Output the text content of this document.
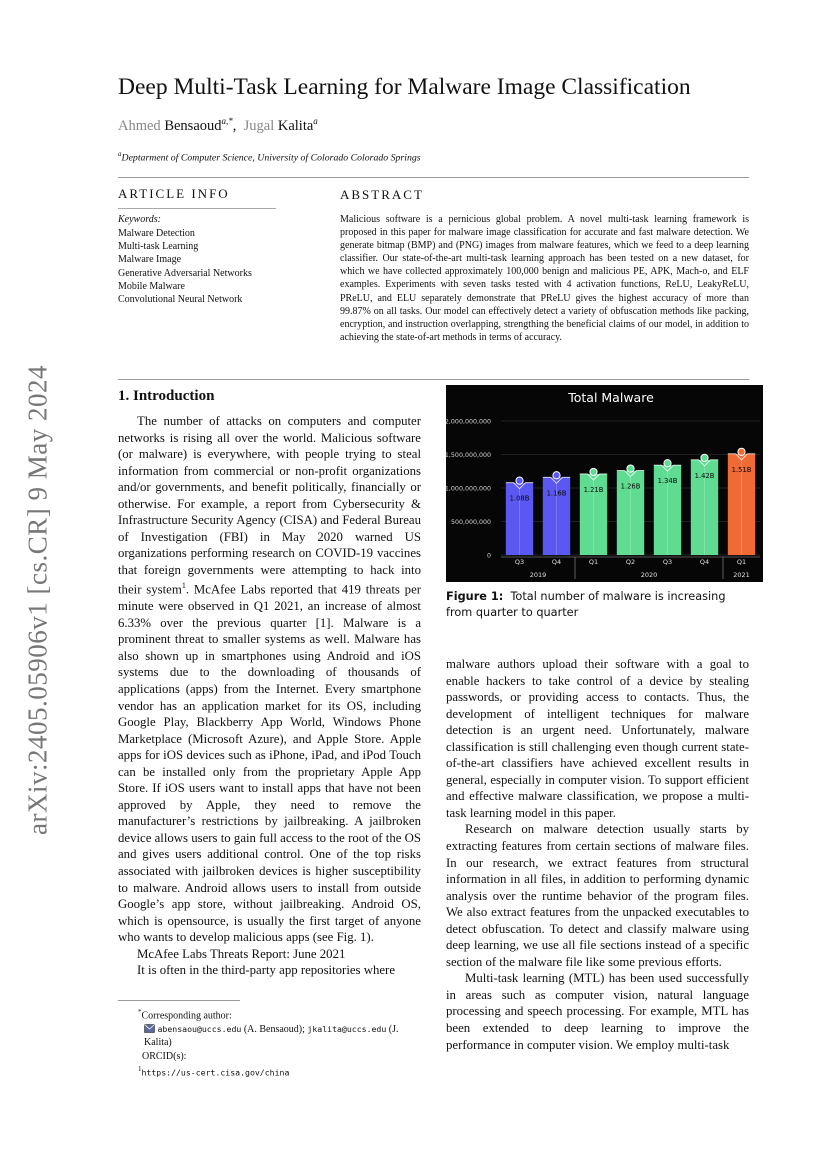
arXiv:2405.05906v1 [cs.CR] 9 May 2024
Deep Multi-Task Learning for Malware Image Classification
Ahmed Bensaoud$^{a,*}$,  Jugal Kalita$^a$
$^a$Deptarment of Computer Science, University of Colorado Colorado Springs
ARTICLE INFO
Keywords:
Malware Detection
Multi-task Learning
Malware Image
Generative Adversarial Networks
Mobile Malware
Convolutional Neural Network
ABSTRACT
Malicious software is a pernicious global problem. A novel multi-task learning framework is proposed in this paper for malware image classification for accurate and fast malware detection. We generate bitmap (BMP) and (PNG) images from malware features, which we feed to a deep learning classifier. Our state-of-the-art multi-task learning approach has been tested on a new dataset, for which we have collected approximately 100,000 benign and malicious PE, APK, Mach-o, and ELF examples. Experiments with seven tasks tested with 4 activation functions, ReLU, LeakyReLU, PReLU, and ELU separately demonstrate that PReLU gives the highest accuracy of more than 99.87% on all tasks. Our model can effectively detect a variety of obfuscation methods like packing, encryption, and instruction overlapping, strengthing the beneficial claims of our model, in addition to achieving the state-of-art methods in terms of accuracy.
1. Introduction

The number of attacks on computers and computer networks is rising all over the world. Malicious software (or malware) is everywhere, with people trying to steal information from commercial or non-profit organizations and/or governments, and benefit politically, financially or otherwise. For example, a report from Cybersecurity & Infrastructure Security Agency (CISA) and Federal Bureau of Investigation (FBI) in May 2020 warned US organizations performing research on COVID-19 vaccines that foreign governments were attempting to hack into their system$^1$. McAfee Labs reported that 419 threats per minute were observed in Q1 2021, an increase of almost 6.33% over the previous quarter [1]. Malware is a prominent threat to smaller systems as well. Malware has also shown up in smartphones using Android and iOS systems due to the downloading of thousands of applications (apps) from the Internet. Every smartphone vendor has an application market for its OS, including Google Play, Blackberry App World, Windows Phone Marketplace (Microsoft Azure), and Apple Store. Apple apps for iOS devices such as iPhone, iPad, and iPod Touch can be installed only from the proprietary Apple App Store. If iOS users want to install apps that have not been approved by Apple, they need to remove the manufacturer’s restrictions by jailbreaking. A jailbroken device allows users to gain full access to the root of the OS and gives users additional control. One of the top risks associated with jailbroken devices is higher susceptibility to malware. Android allows users to install from outside Google’s app store, without jailbreaking. Android OS, which is opensource, is usually the first target of anyone who wants to develop malicious apps (see Fig. 1).

McAfee Labs Threats Report: June 2021

It is often in the third-party app repositories where

Total Malware
0
500,000,000
1,000,000,000
1,500,000,000
2,000,000,000
1.08B
Q3
1.16B
Q4
1.21B
Q1
1.26B
Q2
1.34B
Q3
1.42B
Q4
1.51B
Q1
2019	2020	2021
Figure 1: Total number of malware is increasing from quarter to quarter

malware authors upload their software with a goal to enable hackers to take control of a device by stealing passwords, or providing access to contacts. Thus, the development of intelligent techniques for malware detection is an urgent need. Unfortunately, malware classification is still challenging even though current state-of-the-art classifiers have achieved excellent results in general, especially in computer vision. To support efficient and effective malware classification, we propose a multi-task learning model in this paper.

Research on malware detection usually starts by extracting features from certain sections of malware files. In our research, we extract features from structural information in all files, in addition to performing dynamic analysis over the runtime behavior of the program files. We also extract features from the unpacked executables to detect obfuscation. To detect and classify malware using deep learning, we use all file sections instead of a specific section of the malware file like some previous efforts.

Multi-task learning (MTL) has been used successfully in areas such as computer vision, natural language processing and speech processing. For example, MTL has been extended to deep learning to improve the performance in computer vision. We employ multi-task

*Corresponding author:
abensaou@uccs.edu (A. Bensaoud); jkalita@uccs.edu (J. Kalita)
ORCID(s):
$^1$https://us-cert.cisa.gov/china
